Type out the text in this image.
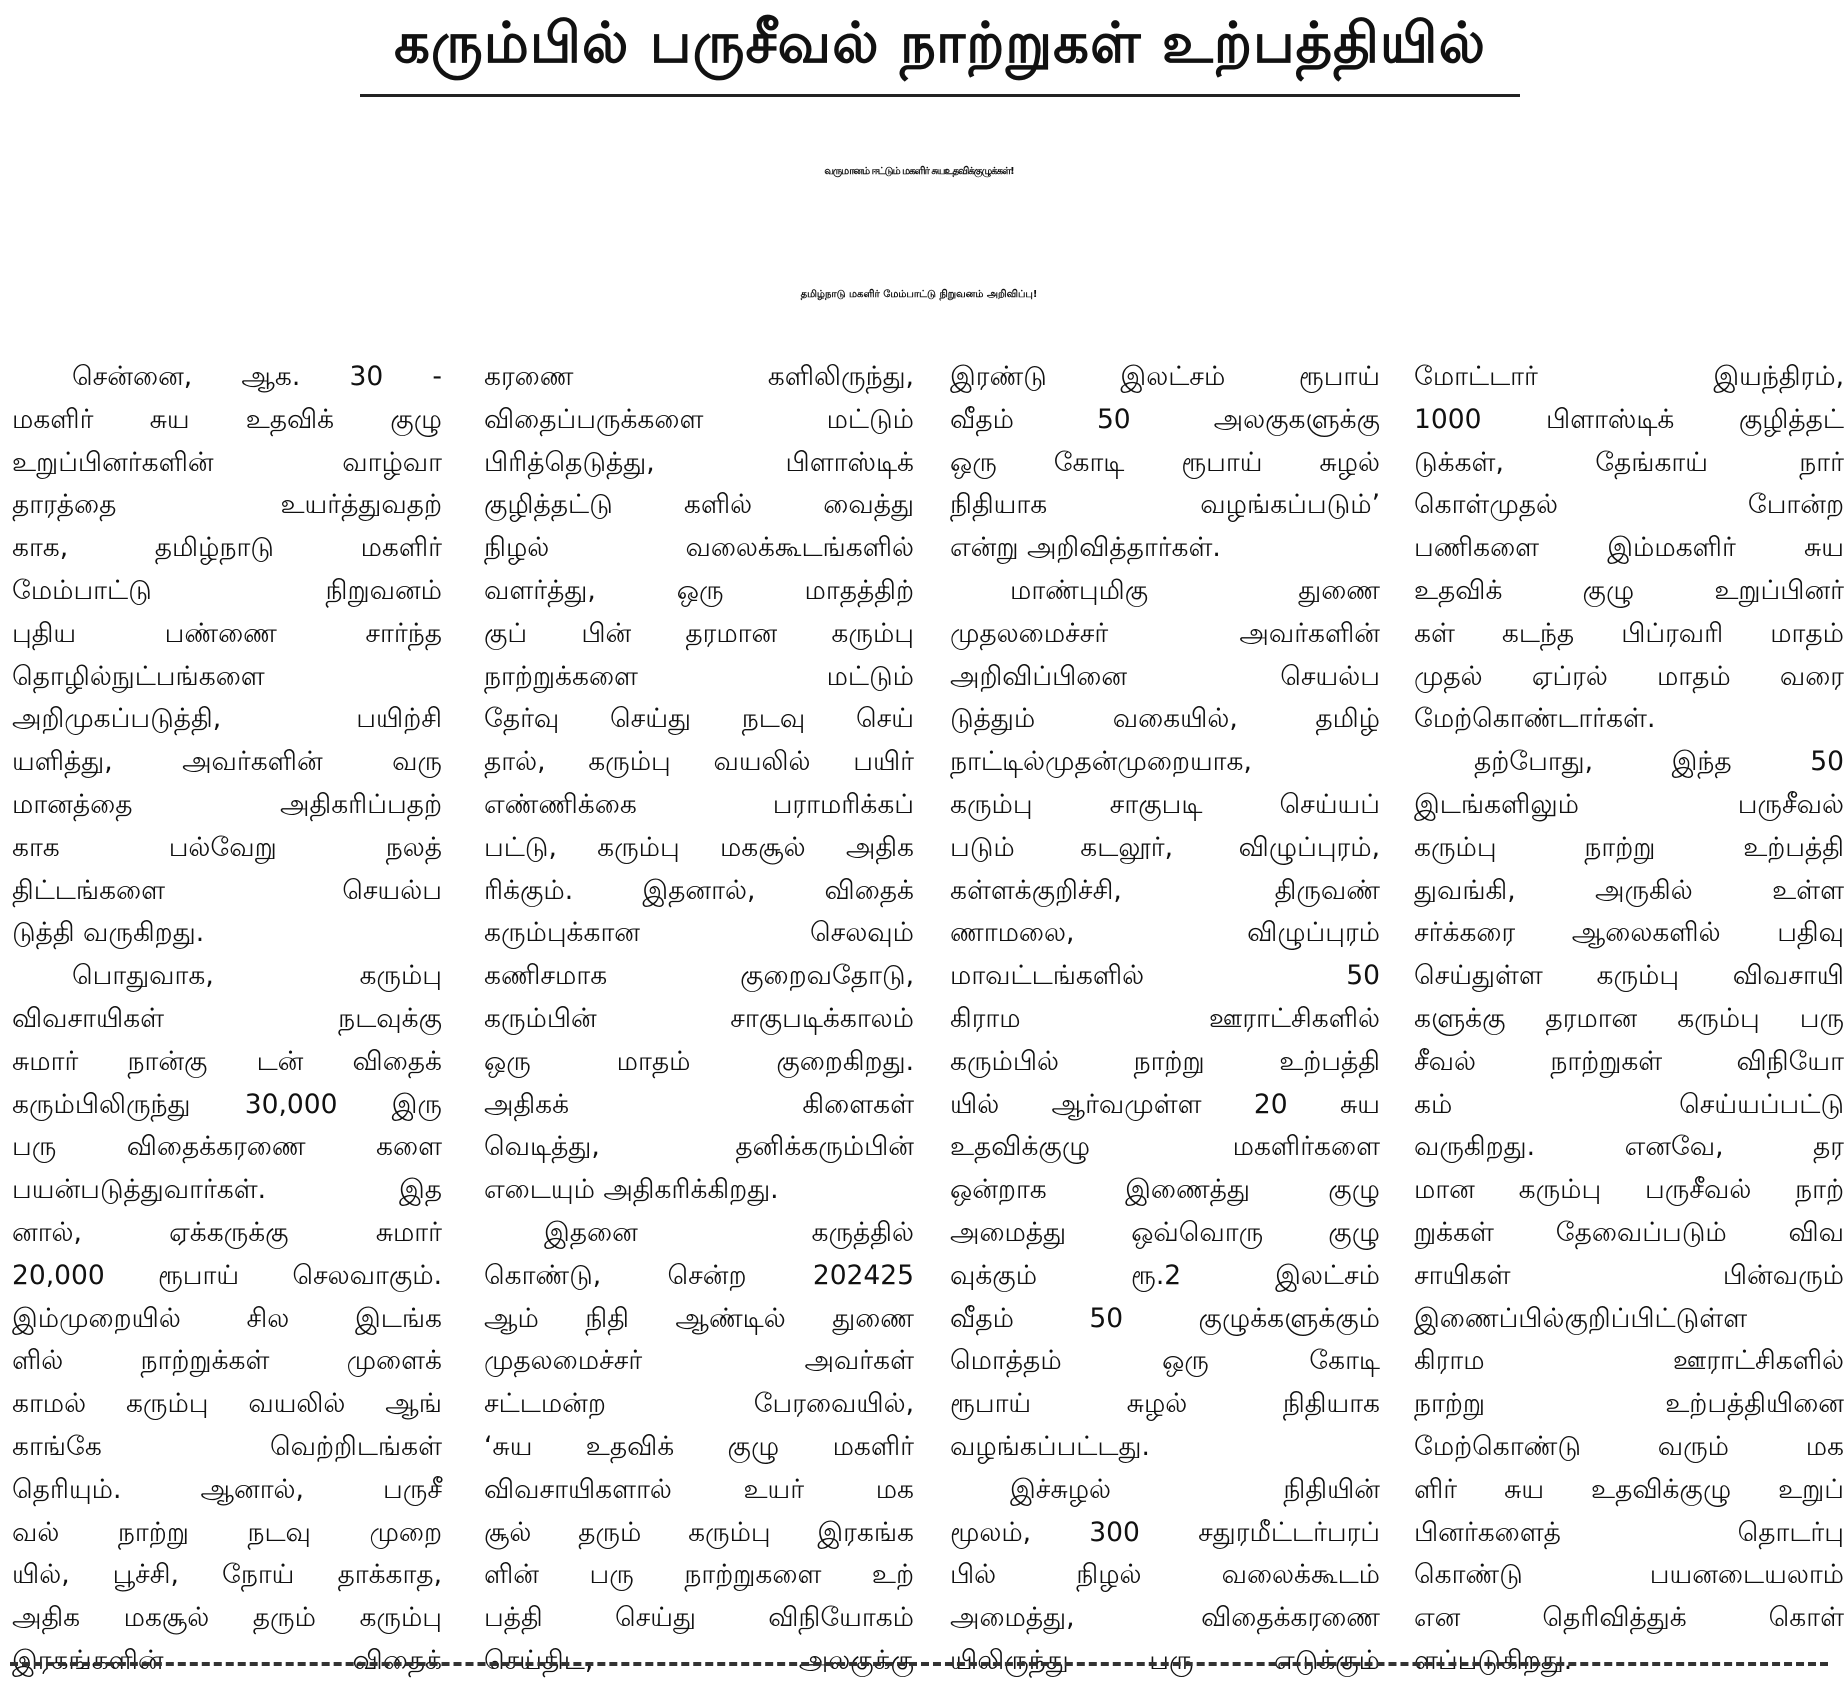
கரும்பில் பருசீவல் நாற்றுகள் உற்பத்தியில்
வருமானம் ஈட்டும் மகளிர் சுயஉதவிக்குழுக்கள்!
தமிழ்நாடு மகளிர் மேம்பாட்டு நிறுவனம் அறிவிப்பு!
சென்னை, ஆக. 30 -
மகளிர் சுய உதவிக் குழு
உறுப்பினர்களின் வாழ்வா
தாரத்தை உயர்த்துவதற்
காக, தமிழ்நாடு மகளிர்
மேம்பாட்டு நிறுவனம்
புதிய பண்ணை சார்ந்த
தொழில்நுட்பங்களை
அறிமுகப்படுத்தி, பயிற்சி
யளித்து, அவர்களின் வரு
மானத்தை அதிகரிப்பதற்
காக பல்வேறு நலத்
திட்டங்களை செயல்ப
டுத்தி வருகிறது.
பொதுவாக, கரும்பு
விவசாயிகள் நடவுக்கு
சுமார் நான்கு டன் விதைக்
கரும்பிலிருந்து 30,000 இரு
பரு விதைக்கரணை களை
பயன்படுத்துவார்கள். இத
னால், ஏக்கருக்கு சுமார்
20,000 ரூபாய் செலவாகும்.
இம்முறையில் சில இடங்க
ளில் நாற்றுக்கள் முளைக்
காமல் கரும்பு வயலில் ஆங்
காங்கே வெற்றிடங்கள்
தெரியும். ஆனால், பருசீ
வல் நாற்று நடவு முறை
யில், பூச்சி, நோய் தாக்காத,
அதிக மகசூல் தரும் கரும்பு
இரகங்களின் விதைக்
கரணை களிலிருந்து,
விதைப்பருக்களை மட்டும்
பிரித்தெடுத்து, பிளாஸ்டிக்
குழித்தட்டு களில் வைத்து
நிழல் வலைக்கூடங்களில்
வளர்த்து, ஒரு மாதத்திற்
குப் பின் தரமான கரும்பு
நாற்றுக்களை மட்டும்
தேர்வு செய்து நடவு செய்
தால், கரும்பு வயலில் பயிர்
எண்ணிக்கை பராமரிக்கப்
பட்டு, கரும்பு மகசூல் அதிக
ரிக்கும். இதனால், விதைக்
கரும்புக்கான செலவும்
கணிசமாக குறைவதோடு,
கரும்பின் சாகுபடிக்காலம்
ஒரு மாதம் குறைகிறது.
அதிகக் கிளைகள்
வெடித்து, தனிக்கரும்பின்
எடையும் அதிகரிக்கிறது.
இதனை கருத்தில்
கொண்டு, சென்ற 202425
ஆம் நிதி ஆண்டில் துணை
முதலமைச்சர் அவர்கள்
சட்டமன்ற பேரவையில்,
‘சுய உதவிக் குழு மகளிர்
விவசாயிகளால் உயர் மக
சூல் தரும் கரும்பு இரகங்க
ளின் பரு நாற்றுகளை உற்
பத்தி செய்து விநியோகம்
செய்திட, அலகுக்கு
இரண்டு இலட்சம் ரூபாய்
வீதம் 50 அலகுகளுக்கு
ஒரு கோடி ரூபாய் சுழல்
நிதியாக வழங்கப்படும்’
என்று அறிவித்தார்கள்.
மாண்புமிகு துணை
முதலமைச்சர் அவர்களின்
அறிவிப்பினை செயல்ப
டுத்தும் வகையில், தமிழ்
நாட்டில்முதன்முறையாக,
கரும்பு சாகுபடி செய்யப்
படும் கடலூர், விழுப்புரம்,
கள்ளக்குறிச்சி, திருவண்
ணாமலை, விழுப்புரம்
மாவட்டங்களில் 50
கிராம ஊராட்சிகளில்
கரும்பில் நாற்று உற்பத்தி
யில் ஆர்வமுள்ள 20 சுய
உதவிக்குழு மகளிர்களை
ஒன்றாக இணைத்து குழு
அமைத்து ஒவ்வொரு குழு
வுக்கும் ரூ.2 இலட்சம்
வீதம் 50 குழுக்களுக்கும்
மொத்தம் ஒரு கோடி
ரூபாய் சுழல் நிதியாக
வழங்கப்பட்டது.
இச்சுழல் நிதியின்
மூலம், 300 சதுரமீட்டர்பரப்
பில் நிழல் வலைக்கூடம்
அமைத்து, விதைக்கரணை
யிலிருந்து பரு எடுக்கும்
மோட்டார் இயந்திரம்,
1000 பிளாஸ்டிக் குழித்தட்
டுக்கள், தேங்காய் நார்
கொள்முதல் போன்ற
பணிகளை இம்மகளிர் சுய
உதவிக் குழு உறுப்பினர்
கள் கடந்த பிப்ரவரி மாதம்
முதல் ஏப்ரல் மாதம் வரை
மேற்கொண்டார்கள்.
தற்போது, இந்த 50
இடங்களிலும் பருசீவல்
கரும்பு நாற்று உற்பத்தி
துவங்கி, அருகில் உள்ள
சர்க்கரை ஆலைகளில் பதிவு
செய்துள்ள கரும்பு விவசாயி
களுக்கு தரமான கரும்பு பரு
சீவல் நாற்றுகள் விநியோ
கம் செய்யப்பட்டு
வருகிறது. எனவே, தர
மான கரும்பு பருசீவல் நாற்
றுக்கள் தேவைப்படும் விவ
சாயிகள் பின்வரும்
இணைப்பில்குறிப்பிட்டுள்ள
கிராம ஊராட்சிகளில்
நாற்று உற்பத்தியினை
மேற்கொண்டு வரும் மக
ளிர் சுய உதவிக்குழு உறுப்
பினர்களைத் தொடர்பு
கொண்டு பயனடையலாம்
என தெரிவித்துக் கொள்
ளப்படுகிறது.
